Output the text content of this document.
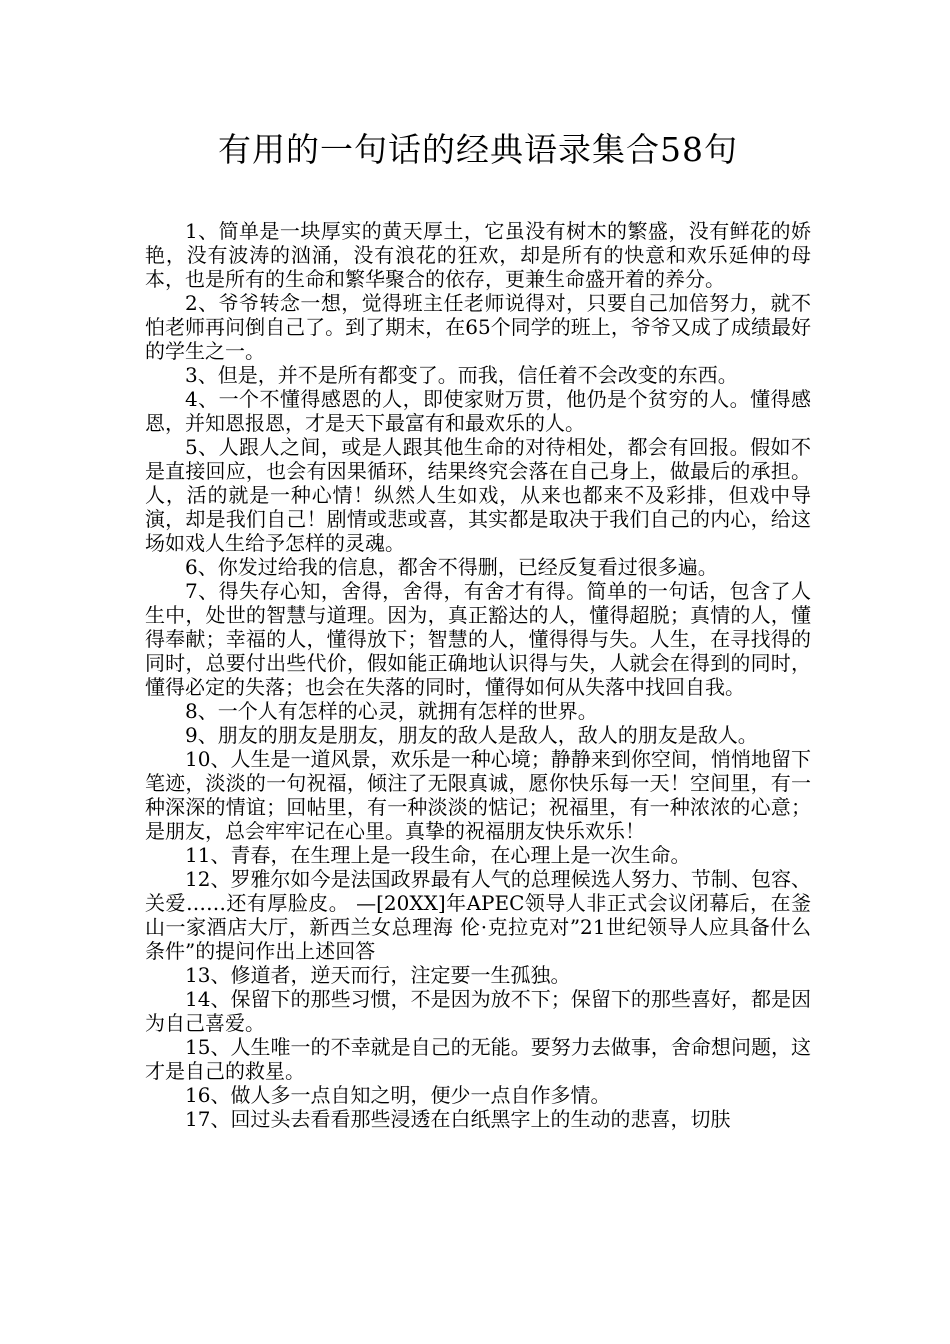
有用的一句话的经典语录集合58句

1、简单是一块厚实的黄天厚土，它虽没有树木的繁盛，没有鲜花的娇艳，没有波涛的汹涌，没有浪花的狂欢，却是所有的快意和欢乐延伸的母本，也是所有的生命和繁华聚合的依存，更兼生命盛开着的养分。

2、爷爷转念一想，觉得班主任老师说得对，只要自己加倍努力，就不怕老师再问倒自己了。到了期末，在65个同学的班上，爷爷又成了成绩最好的学生之一。

3、但是，并不是所有都变了。而我，信任着不会改变的东西。

4、一个不懂得感恩的人，即使家财万贯，他仍是个贫穷的人。懂得感恩，并知恩报恩，才是天下最富有和最欢乐的人。

5、人跟人之间，或是人跟其他生命的对待相处，都会有回报。假如不是直接回应，也会有因果循环，结果终究会落在自己身上，做最后的承担。人，活的就是一种心情！纵然人生如戏，从来也都来不及彩排，但戏中导演，却是我们自己！剧情或悲或喜，其实都是取决于我们自己的内心，给这场如戏人生给予怎样的灵魂。

6、你发过给我的信息，都舍不得删，已经反复看过很多遍。

7、得失存心知，舍得，舍得，有舍才有得。简单的一句话，包含了人生中，处世的智慧与道理。因为，真正豁达的人，懂得超脱；真情的人，懂得奉献；幸福的人，懂得放下；智慧的人，懂得得与失。人生，在寻找得的同时，总要付出些代价，假如能正确地认识得与失，人就会在得到的同时，懂得必定的失落；也会在失落的同时，懂得如何从失落中找回自我。

8、一个人有怎样的心灵，就拥有怎样的世界。

9、朋友的朋友是朋友，朋友的敌人是敌人，敌人的朋友是敌人。

10、人生是一道风景，欢乐是一种心境；静静来到你空间，悄悄地留下笔迹，淡淡的一句祝福，倾注了无限真诚，愿你快乐每一天！空间里，有一种深深的情谊；回帖里，有一种淡淡的惦记；祝福里，有一种浓浓的心意；是朋友，总会牢牢记在心里。真挚的祝福朋友快乐欢乐！

11、青春，在生理上是一段生命，在心理上是一次生命。

12、罗雅尔如今是法国政界最有人气的总理候选人努力、节制、包容、关爱……还有厚脸皮。 —[20XX]年APEC领导人非正式会议闭幕后，在釜山一家酒店大厅，新西兰女总理海 伦·克拉克对”21世纪领导人应具备什么条件”的提问作出上述回答

13、修道者，逆天而行，注定要一生孤独。

14、保留下的那些习惯，不是因为放不下；保留下的那些喜好，都是因为自己喜爱。

15、人生唯一的不幸就是自己的无能。要努力去做事，舍命想问题，这才是自己的救星。

16、做人多一点自知之明，便少一点自作多情。

17、回过头去看看那些浸透在白纸黑字上的生动的悲喜，切肤
